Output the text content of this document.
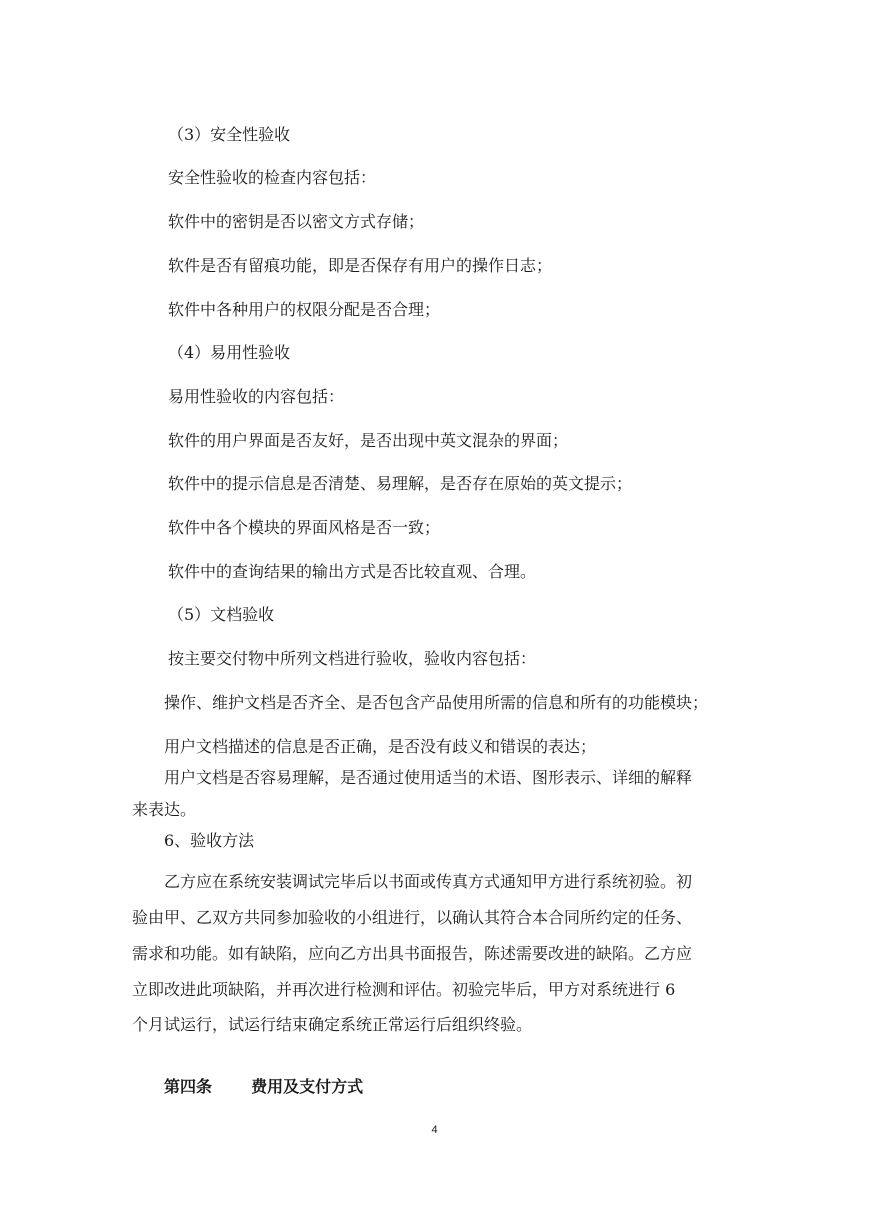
（3）安全性验收
安全性验收的检查内容包括：
软件中的密钥是否以密文方式存储；
软件是否有留痕功能，即是否保存有用户的操作日志；
软件中各种用户的权限分配是否合理；
（4）易用性验收
易用性验收的内容包括：
软件的用户界面是否友好，是否出现中英文混杂的界面；
软件中的提示信息是否清楚、易理解，是否存在原始的英文提示；
软件中各个模块的界面风格是否一致；
软件中的查询结果的输出方式是否比较直观、合理。
（5）文档验收
按主要交付物中所列文档进行验收，验收内容包括：
操作、维护文档是否齐全、是否包含产品使用所需的信息和所有的功能模块；
用户文档描述的信息是否正确，是否没有歧义和错误的表达；
用户文档是否容易理解，是否通过使用适当的术语、图形表示、详细的解释
来表达。
6、验收方法
乙方应在系统安装调试完毕后以书面或传真方式通知甲方进行系统初验。初
验由甲、乙双方共同参加验收的小组进行，以确认其符合本合同所约定的任务、
需求和功能。如有缺陷，应向乙方出具书面报告，陈述需要改进的缺陷。乙方应
立即改进此项缺陷，并再次进行检测和评估。初验完毕后，甲方对系统进行 6
个月试运行，试运行结束确定系统正常运行后组织终验。
第四条 费用及支付方式
4
